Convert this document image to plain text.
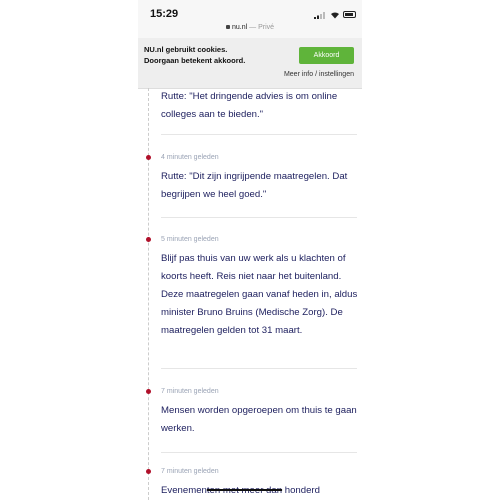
15:29
nu.nl — Privé
NU.nl gebruikt cookies.
Doorgaan betekent akkoord.
Akkoord
Meer info / instellingen
Rutte: "Het dringende advies is om online colleges aan te bieden."
4 minuten geleden
Rutte: "Dit zijn ingrijpende maatregelen. Dat begrijpen we heel goed."
5 minuten geleden
Blijf pas thuis van uw werk als u klachten of koorts heeft. Reis niet naar het buitenland. Deze maatregelen gaan vanaf heden in, aldus minister Bruno Bruins (Medische Zorg). De maatregelen gelden tot 31 maart.
7 minuten geleden
Mensen worden opgeroepen om thuis te gaan werken.
7 minuten geleden
Evenementen met meer dan honderd
